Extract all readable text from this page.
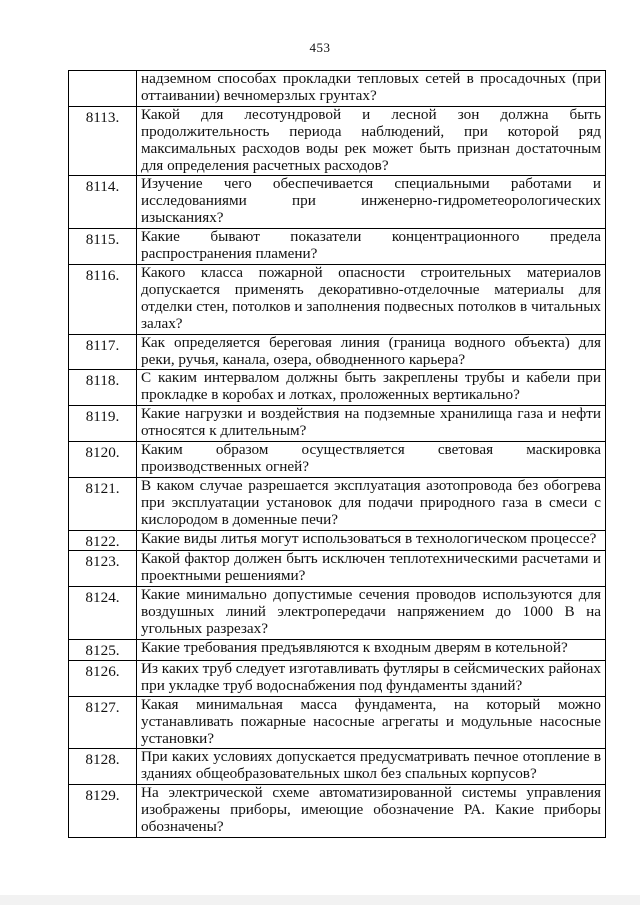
453
	надземном способах прокладки тепловых сетей в просадочных (при оттаивании) вечномерзлых грунтах?
8113.	Какой для лесотундровой и лесной зон должна быть продолжительность периода наблюдений, при которой ряд максимальных расходов воды рек может быть признан достаточным для определения расчетных расходов?
8114.	Изучение чего обеспечивается специальными работами и исследованиями при инженерно-гидрометеорологических изысканиях?
8115.	Какие бывают показатели концентрационного предела распространения пламени?
8116.	Какого класса пожарной опасности строительных материалов допускается применять декоративно-отделочные материалы для отделки стен, потолков и заполнения подвесных потолков в читальных залах?
8117.	Как определяется береговая линия (граница водного объекта) для реки, ручья, канала, озера, обводненного карьера?
8118.	С каким интервалом должны быть закреплены трубы и кабели при прокладке в коробах и лотках, проложенных вертикально?
8119.	Какие нагрузки и воздействия на подземные хранилища газа и нефти относятся к длительным?
8120.	Каким образом осуществляется световая маскировка производственных огней?
8121.	В каком случае разрешается эксплуатация азотопровода без обогрева при эксплуатации установок для подачи природного газа в смеси с кислородом в доменные печи?
8122.	Какие виды литья могут использоваться в технологическом процессе?
8123.	Какой фактор должен быть исключен теплотехническими расчетами и проектными решениями?
8124.	Какие минимально допустимые сечения проводов используются для воздушных линий электропередачи напряжением до 1000 В на угольных разрезах?
8125.	Какие требования предъявляются к входным дверям в котельной?
8126.	Из каких труб следует изготавливать футляры в сейсмических районах при укладке труб водоснабжения под фундаменты зданий?
8127.	Какая минимальная масса фундамента, на который можно устанавливать пожарные насосные агрегаты и модульные насосные установки?
8128.	При каких условиях допускается предусматривать печное отопление в зданиях общеобразовательных школ без спальных корпусов?
8129.	На электрической схеме автоматизированной системы управления изображены приборы, имеющие обозначение РА. Какие приборы обозначены?
